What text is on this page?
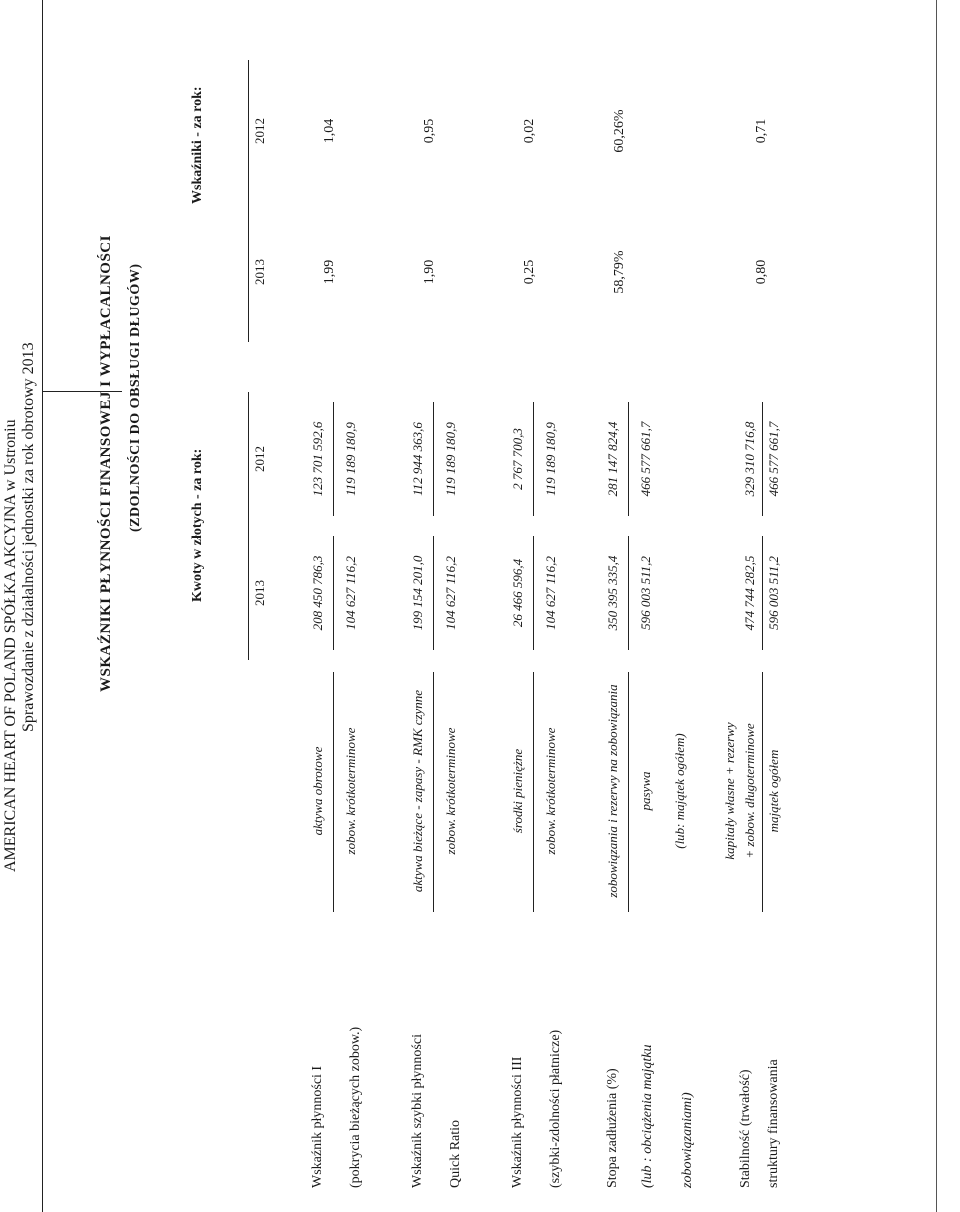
AMERICAN HEART OF POLAND SPÓŁKA AKCYJNA w Ustroniu Sprawozdanie z działalności jednostki za rok obrotowy 2013	WSKAŹNIKI PŁYNNOŚCI FINANSOWEJ I WYPŁACALNOŚCI (ZDOLNOŚCI DO OBSŁUGI DŁUGÓW)	Kwoty w złotych - za rok:
Wskaźniki - za rok:
2013
2012
2013
2012
Wskaźnik płynności I (pokrycia bieżących zobow.)
aktywa obrotowe zobow. krótkoterminowe
208 450 786,3
123 701 592,6
104 627 116,2
119 189 180,9
1,99
1,04
Wskaźnik szybki płynności Quick Ratio
aktywa bieżące - zapasy - RMK czynne zobow. krótkoterminowe
199 154 201,0
112 944 363,6
104 627 116,2
119 189 180,9
1,90
0,95
Wskaźnik płynności III (szybki-zdolności płatnicze)
środki pieniężne zobow. krótkoterminowe
26 466 596,4
2 767 700,3
104 627 116,2
119 189 180,9
0,25
0,02
Stopa zadłużenia (%) (lub : obciążenia majątku zobowiązaniami)
zobowiązania i rezerwy na zobowiązania pasywa (lub: majątek ogółem)
350 395 335,4
281 147 824,4
596 003 511,2
466 577 661,7
58,79%
60,26%
Stabilność (trwałość) struktury finansowania
kapitały własne + rezerwy + zobow. długoterminowe majątek ogółem
474 744 282,5
329 310 716,8
596 003 511,2
466 577 661,7
0,80
0,71
